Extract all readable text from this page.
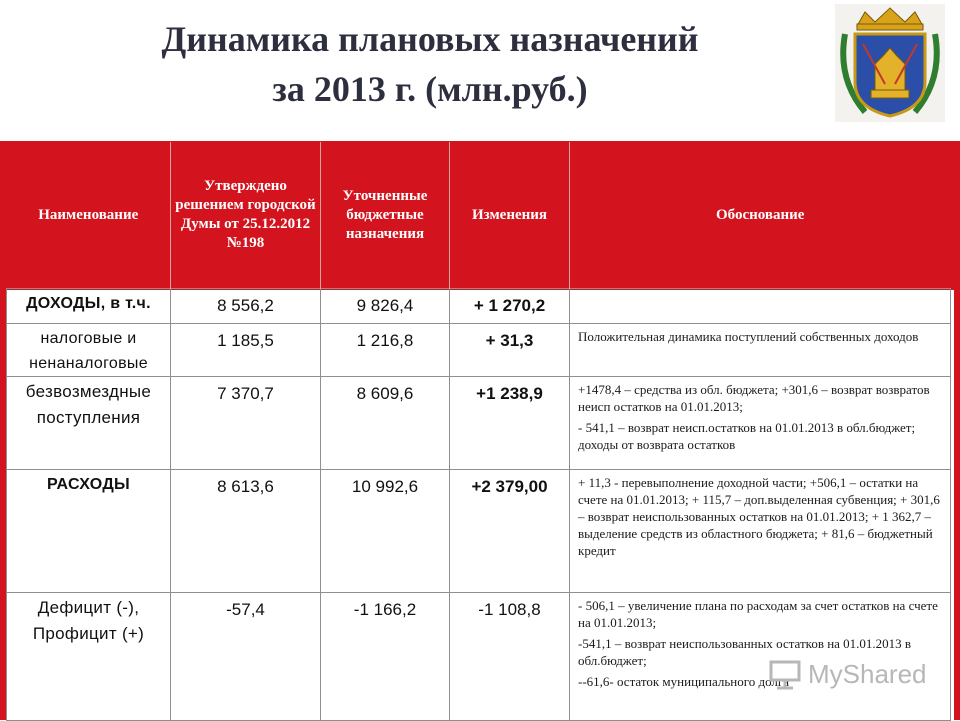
Динамика плановых назначений
за 2013 г. (млн.руб.)
Наименование	Утверждено решением городской Думы от 25.12.2012 №198	Уточненные бюджетные назначения	Изменения	Обоснование

ДОХОДЫ, в т.ч.	8 556,2	9 826,4	+ 1 270,2	

налоговые и ненаналоговые	1 185,5	1 216,8	+ 31,3	Положительная динамика поступлений собственных доходов

безвозмездные поступления	7 370,7	8 609,6	+1 238,9	+1478,4 – средства из обл. бюджета; +301,6 – возврат возвратов неисп остатков на 01.01.2013;

- 541,1 – возврат неисп.остатков на 01.01.2013 в обл.бюджет; доходы от возврата остатков

РАСХОДЫ	8 613,6	10 992,6	+2 379,00	+ 11,3 - перевыполнение доходной части; +506,1 – остатки на счете на 01.01.2013; + 115,7 – доп.выделенная субвенция; + 301,6 – возврат неиспользованных остатков на 01.01.2013; + 1 362,7 – выделение средств из областного бюджета; + 81,6 – бюджетный кредит

Дефицит (-), Профицит (+)	-57,4	-1 166,2	-1 108,8	- 506,1 – увеличение плана по расходам за счет остатков на счете на 01.01.2013;

-541,1 – возврат неиспользованных остатков на 01.01.2013 в обл.бюджет;

--61,6- остаток муниципального долга MyShared
